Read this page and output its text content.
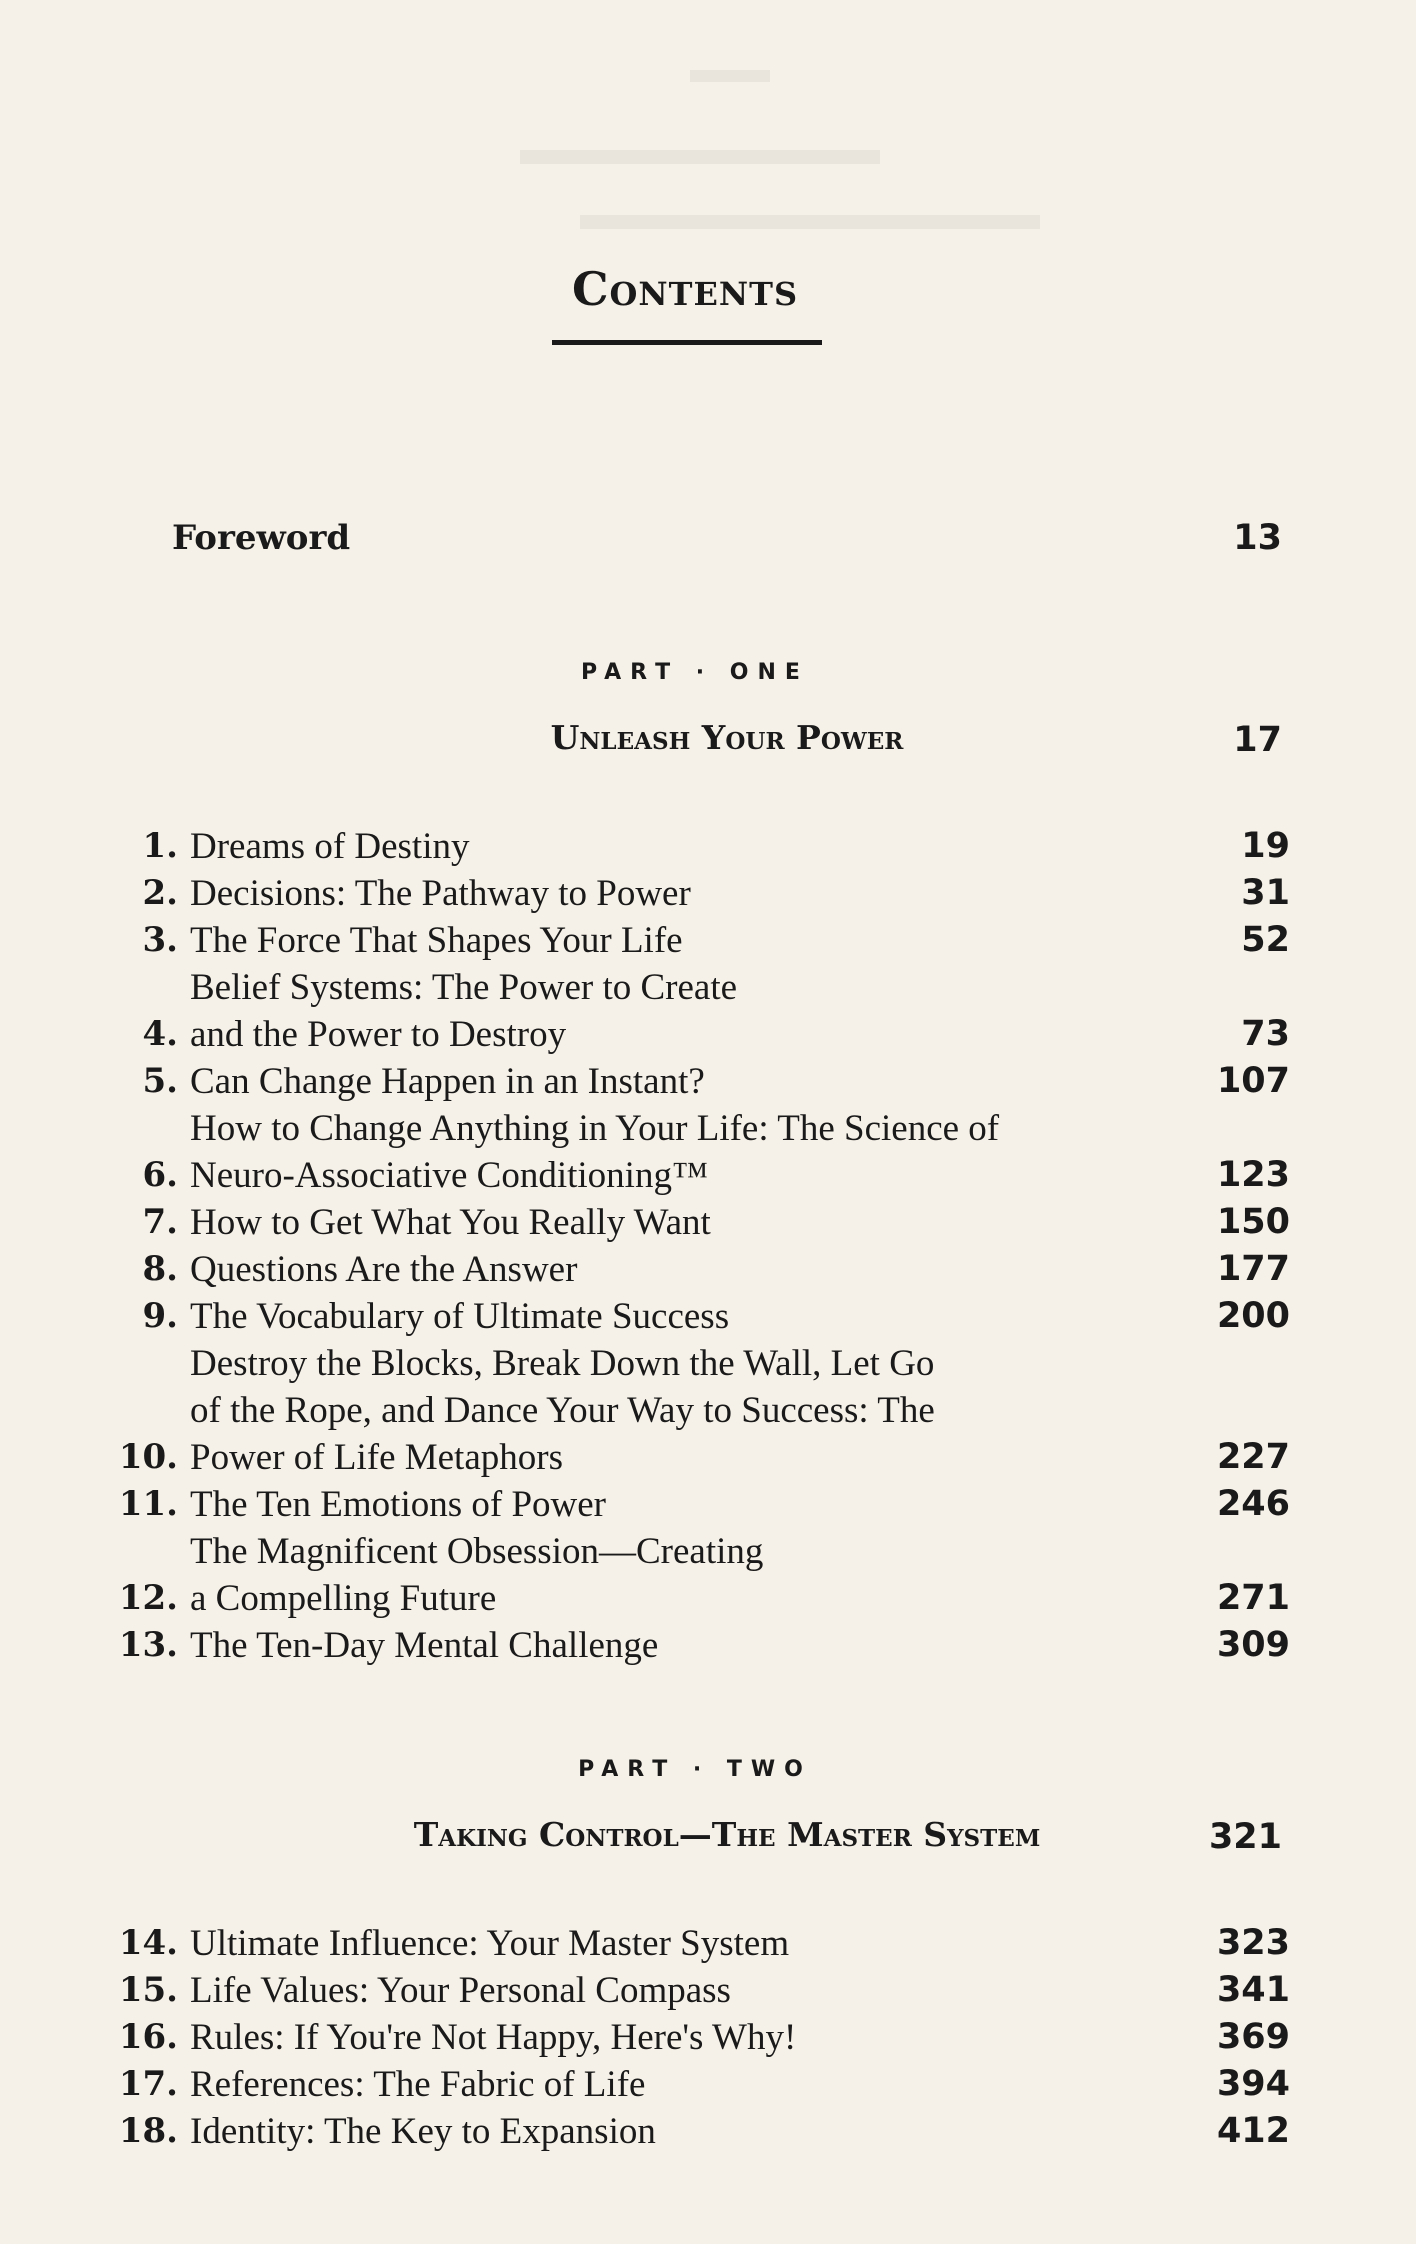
Contents
Foreword	13
PART · ONE
Unleash Your Power	17
1. Dreams of Destiny	19
2. Decisions: The Pathway to Power	31
3. The Force That Shapes Your Life	52
4.
Belief Systems: The Power to Create
and the Power to Destroy	73
5. Can Change Happen in an Instant?	107
6.
How to Change Anything in Your Life: The Science of
Neuro-Associative Conditioning™	123
7. How to Get What You Really Want	150
8. Questions Are the Answer	177
9. The Vocabulary of Ultimate Success	200
10.
Destroy the Blocks, Break Down the Wall, Let Go
of the Rope, and Dance Your Way to Success: The
Power of Life Metaphors	227
11. The Ten Emotions of Power	246
12.
The Magnificent Obsession—Creating
a Compelling Future	271
13. The Ten-Day Mental Challenge	309
PART · TWO
Taking Control—The Master System	321
14. Ultimate Influence: Your Master System	323
15. Life Values: Your Personal Compass	341
16. Rules: If You're Not Happy, Here's Why!	369
17. References: The Fabric of Life	394
18. Identity: The Key to Expansion	412
